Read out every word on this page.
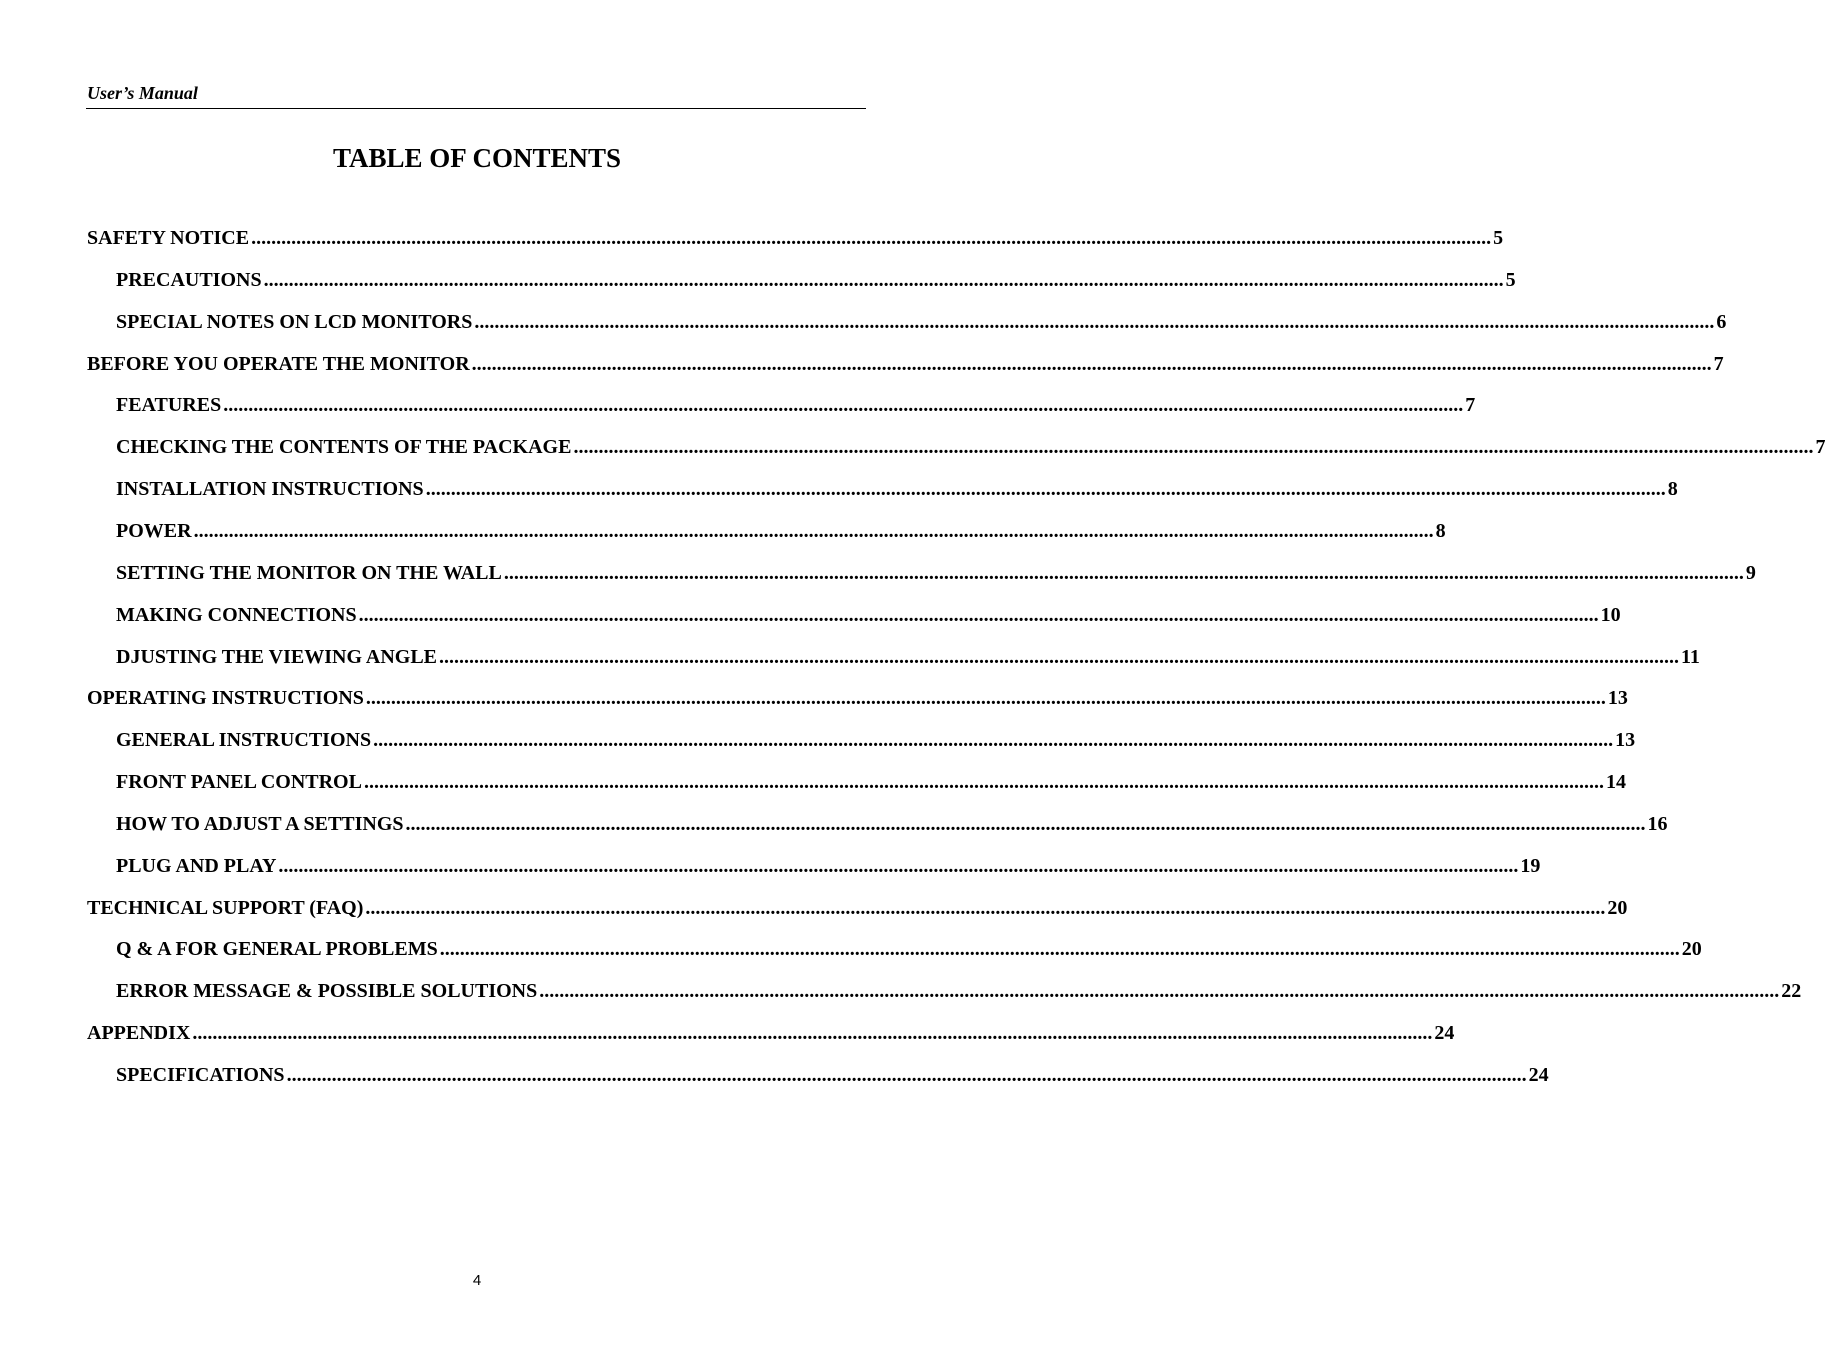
User’s Manual
TABLE OF CONTENTS
SAFETY NOTICE ........................................................................................................................................................................................................................................................ 5
PRECAUTIONS ........................................................................................................................................................................................................................................................ 5
SPECIAL NOTES ON LCD MONITORS ........................................................................................................................................................................................................................................................ 6
BEFORE YOU OPERATE THE MONITOR ........................................................................................................................................................................................................................................................ 7
FEATURES ........................................................................................................................................................................................................................................................ 7
CHECKING THE CONTENTS OF THE PACKAGE ........................................................................................................................................................................................................................................................ 7
INSTALLATION INSTRUCTIONS ........................................................................................................................................................................................................................................................ 8
POWER ........................................................................................................................................................................................................................................................ 8
SETTING THE MONITOR ON THE WALL ........................................................................................................................................................................................................................................................ 9
MAKING CONNECTIONS ........................................................................................................................................................................................................................................................ 10
DJUSTING THE VIEWING ANGLE ........................................................................................................................................................................................................................................................ 11
OPERATING INSTRUCTIONS ........................................................................................................................................................................................................................................................ 13
GENERAL INSTRUCTIONS ........................................................................................................................................................................................................................................................ 13
FRONT PANEL CONTROL ........................................................................................................................................................................................................................................................ 14
HOW TO ADJUST A SETTINGS ........................................................................................................................................................................................................................................................ 16
PLUG AND PLAY ........................................................................................................................................................................................................................................................ 19
TECHNICAL SUPPORT (FAQ) ........................................................................................................................................................................................................................................................ 20
Q & A FOR GENERAL PROBLEMS ........................................................................................................................................................................................................................................................ 20
ERROR MESSAGE & POSSIBLE SOLUTIONS ........................................................................................................................................................................................................................................................ 22
APPENDIX ........................................................................................................................................................................................................................................................ 24
SPECIFICATIONS ........................................................................................................................................................................................................................................................ 24
4
